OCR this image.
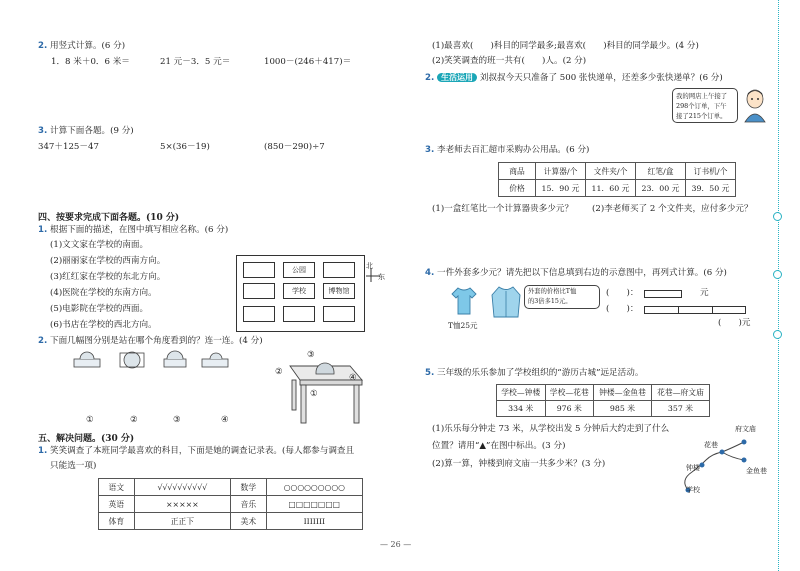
2. 用竖式计算。(6 分)
1．8 米＋0．6 米＝	21 元－3．5 元＝	1000－(246＋417)＝
3. 计算下面各题。(9 分)
347＋125－47	5×(36－19)	(850－290)÷7
四、按要求完成下面各题。(10 分)
1. 根据下面的描述，在图中填写相应名称。(6 分)
(1)文文家在学校的南面。
(2)丽丽家在学校的西南方向。
(3)红红家在学校的东北方向。
(4)医院在学校的东南方向。
(5)电影院在学校的西面。
(6)书店在学校的西北方向。
公园
学校	博物馆
北
东
2. 下面几幅图分别是站在哪个角度看到的？连一连。(4 分)
①	②	③	④
③
②
①
④
五、解决问题。(30 分)
1. 笑笑调查了本班同学最喜欢的科目，下面是她的调查记录表。(每人都参与调查且
只能选一项)
语文	√√√√√√√√√√	数学	○○○○○○○○○
英语	×××××	音乐	□□□□□□□
体育	正正下	美术	IIIIIII
(1)最喜欢(　　)科目的同学最多;最喜欢(　　)科目的同学最少。(4 分)
(2)笑笑调查的班一共有(　　)人。(2 分)
2. 生活运用 刘叔叔今天只准备了 500 张快递单，还差多少张快递单？(6 分)
我的网店上午接了
298个订单，下午
接了215个订单。
3. 李老师去百汇超市采购办公用品。(6 分)
商品	计算器/个	文件夹/个	红笔/盒	订书机/个
价格	15．90 元	11．60 元	23．00 元	39．50 元
(1)一盒红笔比一个计算器贵多少元？ (2)李老师买了 2 个文件夹，应付多少元？
4. 一件外套多少元？请先把以下信息填到右边的示意图中，再列式计算。(6 分)
T恤25元
外套的价格比T恤
的3倍多15元。
(　　)：	元
(　　)：
(　　)元
5. 三年级的乐乐参加了学校组织的“游历古城”远足活动。
学校—钟楼	学校—花巷	钟楼—金鱼巷	花巷—府文庙
334 米	976 米	985 米	357 米
(1)乐乐每分钟走 73 米，从学校出发 5 分钟后大约走到了什么
位置？请用“▲”在图中标出。(3 分)
(2)算一算，钟楼到府文庙一共多少米？(3 分)
府文庙
花巷
钟楼	金鱼巷
学校
— 26 —
